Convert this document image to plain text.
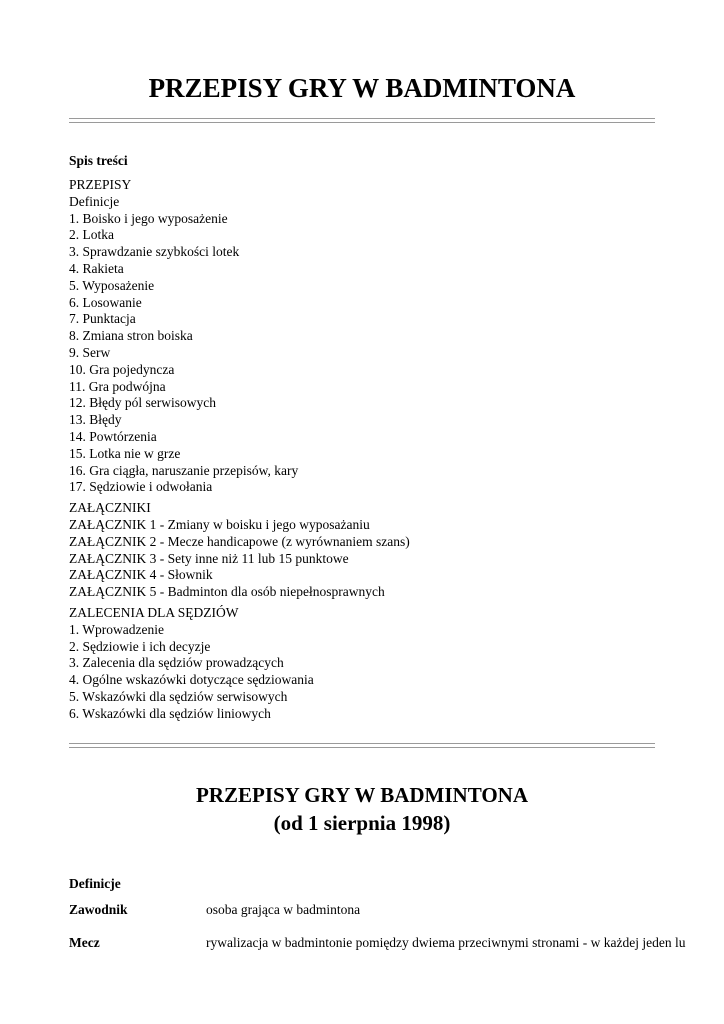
PRZEPISY GRY W BADMINTONA
Spis treści
PRZEPISY
Definicje
1. Boisko i jego wyposażenie
2. Lotka
3. Sprawdzanie szybkości lotek
4. Rakieta
5. Wyposażenie
6. Losowanie
7. Punktacja
8. Zmiana stron boiska
9. Serw
10. Gra pojedyncza
11. Gra podwójna
12. Błędy pól serwisowych
13. Błędy
14. Powtórzenia
15. Lotka nie w grze
16. Gra ciągła, naruszanie przepisów, kary
17. Sędziowie i odwołania
ZAŁĄCZNIKI
ZAŁĄCZNIK 1 - Zmiany w boisku i jego wyposażaniu
ZAŁĄCZNIK 2 - Mecze handicapowe (z wyrównaniem szans)
ZAŁĄCZNIK 3 - Sety inne niż 11 lub 15 punktowe
ZAŁĄCZNIK 4 - Słownik
ZAŁĄCZNIK 5 - Badminton dla osób niepełnosprawnych
ZALECENIA DLA SĘDZIÓW
1. Wprowadzenie
2. Sędziowie i ich decyzje
3. Zalecenia dla sędziów prowadzących
4. Ogólne wskazówki dotyczące sędziowania
5. Wskazówki dla sędziów serwisowych
6. Wskazówki dla sędziów liniowych
PRZEPISY GRY W BADMINTONA
(od 1 sierpnia 1998)
Definicje
Zawodnik	osoba grająca w badmintona
Mecz	rywalizacja w badmintonie pomiędzy dwiema przeciwnymi stronami - w każdej jeden lu
